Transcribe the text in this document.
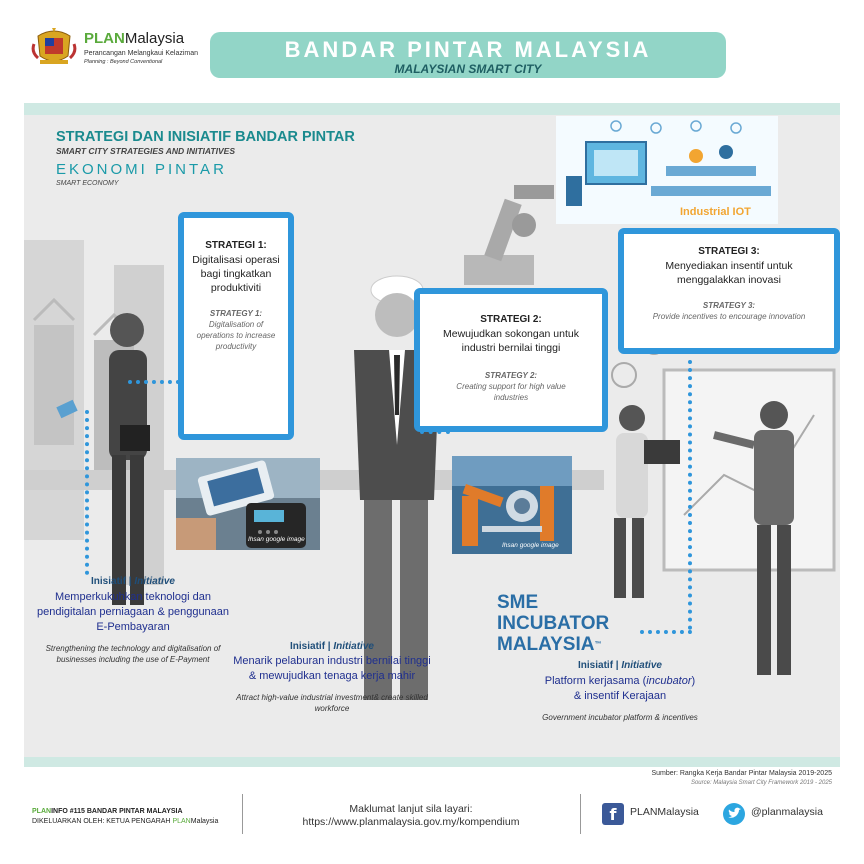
PLANMalaysia
Perancangan Melangkaui Kelaziman
Planning : Beyond Conventional	BANDAR PINTAR MALAYSIA
MALAYSIAN SMART CITY
STRATEGI DAN INISIATIF BANDAR PINTAR
SMART CITY STRATEGIES AND INITIATIVES
EKONOMI PINTAR
SMART ECONOMY
Industrial IOT
STRATEGI 1:
Digitalisasi operasi bagi tingkatkan produktiviti
STRATEGY 1:
Digitalisation of operations to increase productivity
STRATEGI 2:
Mewujudkan sokongan untuk industri bernilai tinggi
STRATEGY 2:
Creating support for high value industries
STRATEGI 3:
Menyediakan insentif untuk menggalakkan inovasi
STRATEGY 3:
Provide incentives to encourage innovation
Ihsan google image
Ihsan google image
SME
INCUBATOR
MALAYSIA™
Inisiatif | Initiative
Memperkukuhkan teknologi dan pendigitalan perniagaan & penggunaan E-Pembayaran
Strengthening the technology and digitalisation of businesses including the use of E-Payment
Inisiatif | Initiative
Menarik pelaburan industri bernilai tinggi & mewujudkan tenaga kerja mahir
Attract high-value industrial investment& create skilled workforce
Inisiatif | Initiative
Platform kerjasama (incubator) & insentif Kerajaan
Government incubator platform & incentives
Sumber: Rangka Kerja Bandar Pintar Malaysia 2019-2025
Source: Malaysia Smart City Framework 2019 - 2025
PLANINFO #115 BANDAR PINTAR MALAYSIA
DIKELUARKAN OLEH: KETUA PENGARAH PLANMalaysia
Maklumat lanjut sila layari:
https://www.planmalaysia.gov.my/kompendium	f	PLANMalaysia	@planmalaysia
